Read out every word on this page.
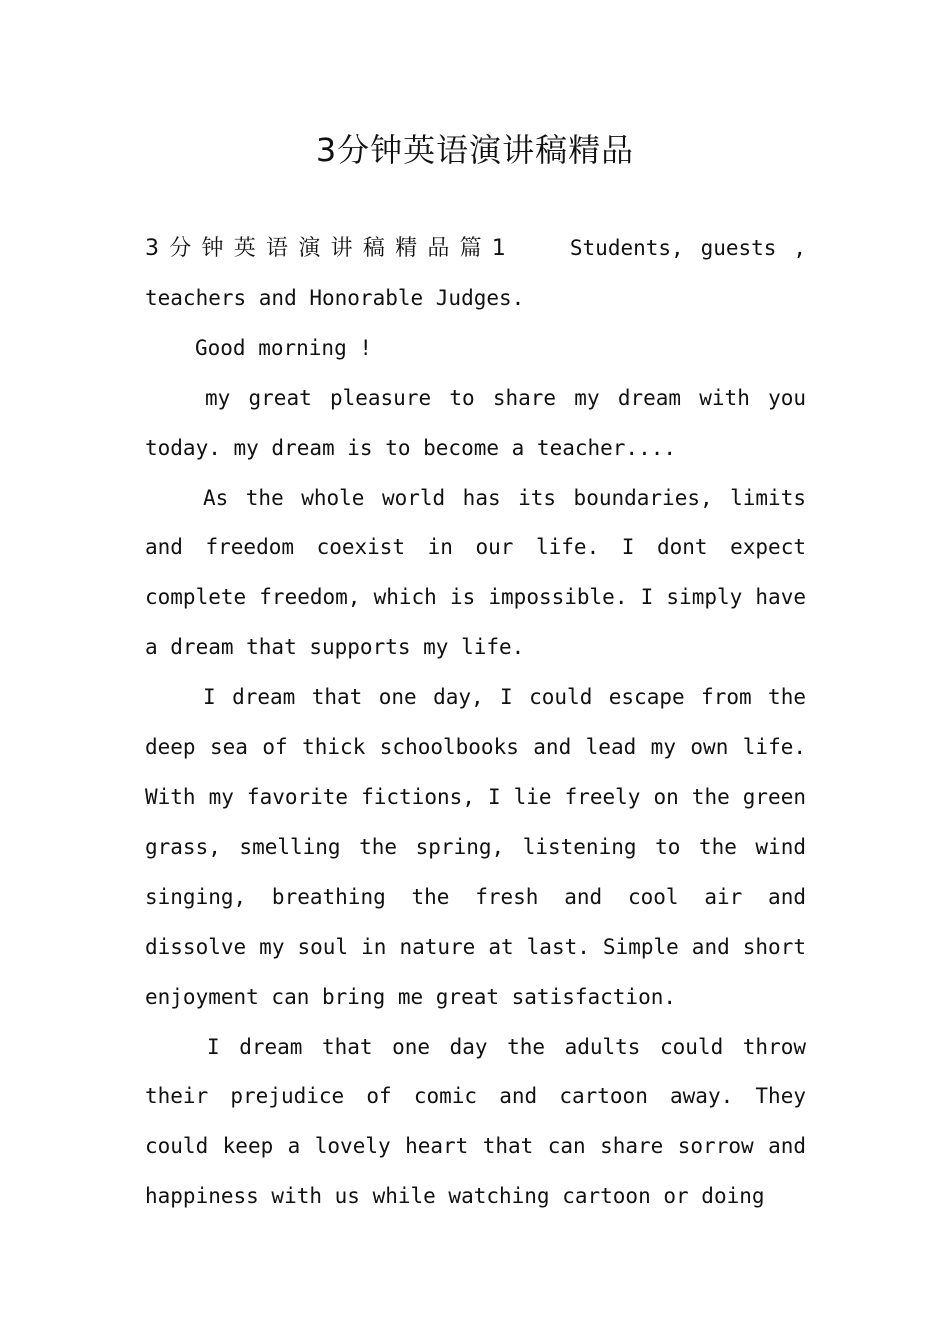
3分钟英语演讲稿精品

3分钟英语演讲稿精品篇1	Students, guests , teachers and Honorable Judges.

Good morning !

my great pleasure to share my dream with you today. my dream is to become a teacher....

As the whole world has its boundaries, limits and freedom coexist in our life. I dont expect complete freedom, which is impossible. I simply have a dream that supports my life.

I dream that one day, I could escape from the deep sea of thick schoolbooks and lead my own life. With my favorite fictions, I lie freely on the green grass, smelling the spring, listening to the wind singing, breathing the fresh and cool air and dissolve my soul in nature at last. Simple and short enjoyment can bring me great satisfaction.

I dream that one day the adults could throw their prejudice of comic and cartoon away. They could keep a lovely heart that can share sorrow and happiness with us while watching cartoon or doing
